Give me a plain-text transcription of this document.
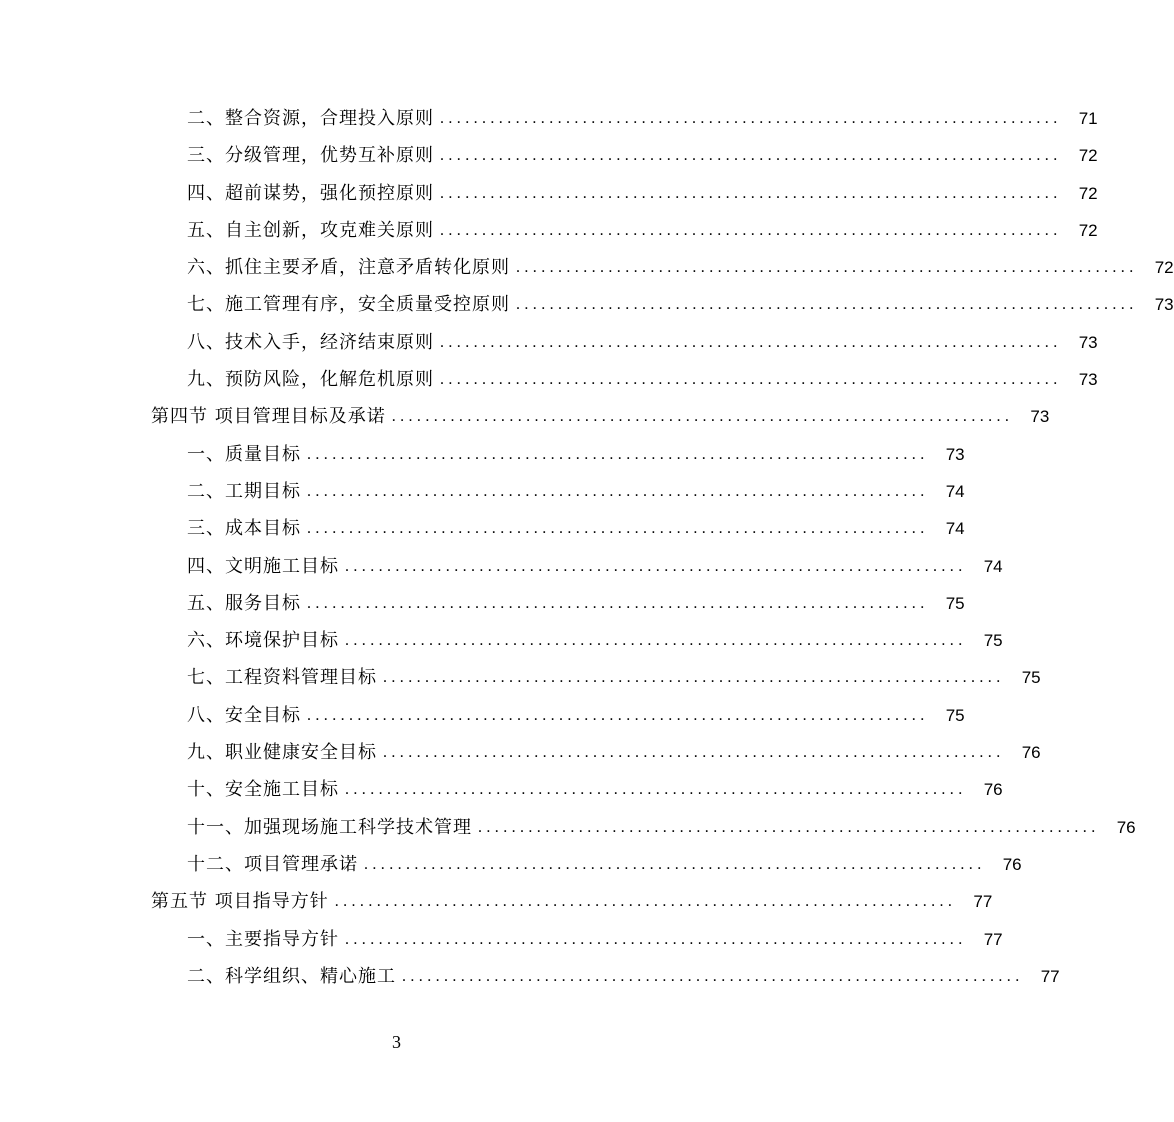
二、整合资源，合理投入原则 ..........................................................................	71
三、分级管理，优势互补原则 ..........................................................................	72
四、超前谋势，强化预控原则 ..........................................................................	72
五、自主创新，攻克难关原则 ..........................................................................	72
六、抓住主要矛盾，注意矛盾转化原则 ..........................................................................	72
七、施工管理有序，安全质量受控原则 ..........................................................................	73
八、技术入手，经济结束原则 ..........................................................................	73
九、预防风险，化解危机原则 ..........................................................................	73
第四节 项目管理目标及承诺 ..........................................................................	73
一、质量目标 ..........................................................................	73
二、工期目标 ..........................................................................	74
三、成本目标 ..........................................................................	74
四、文明施工目标 ..........................................................................	74
五、服务目标 ..........................................................................	75
六、环境保护目标 ..........................................................................	75
七、工程资料管理目标 ..........................................................................	75
八、安全目标 ..........................................................................	75
九、职业健康安全目标 ..........................................................................	76
十、安全施工目标 ..........................................................................	76
十一、加强现场施工科学技术管理 ..........................................................................	76
十二、项目管理承诺 ..........................................................................	76
第五节 项目指导方针 ..........................................................................	77
一、主要指导方针 ..........................................................................	77
二、科学组织、精心施工 ..........................................................................	77
3
